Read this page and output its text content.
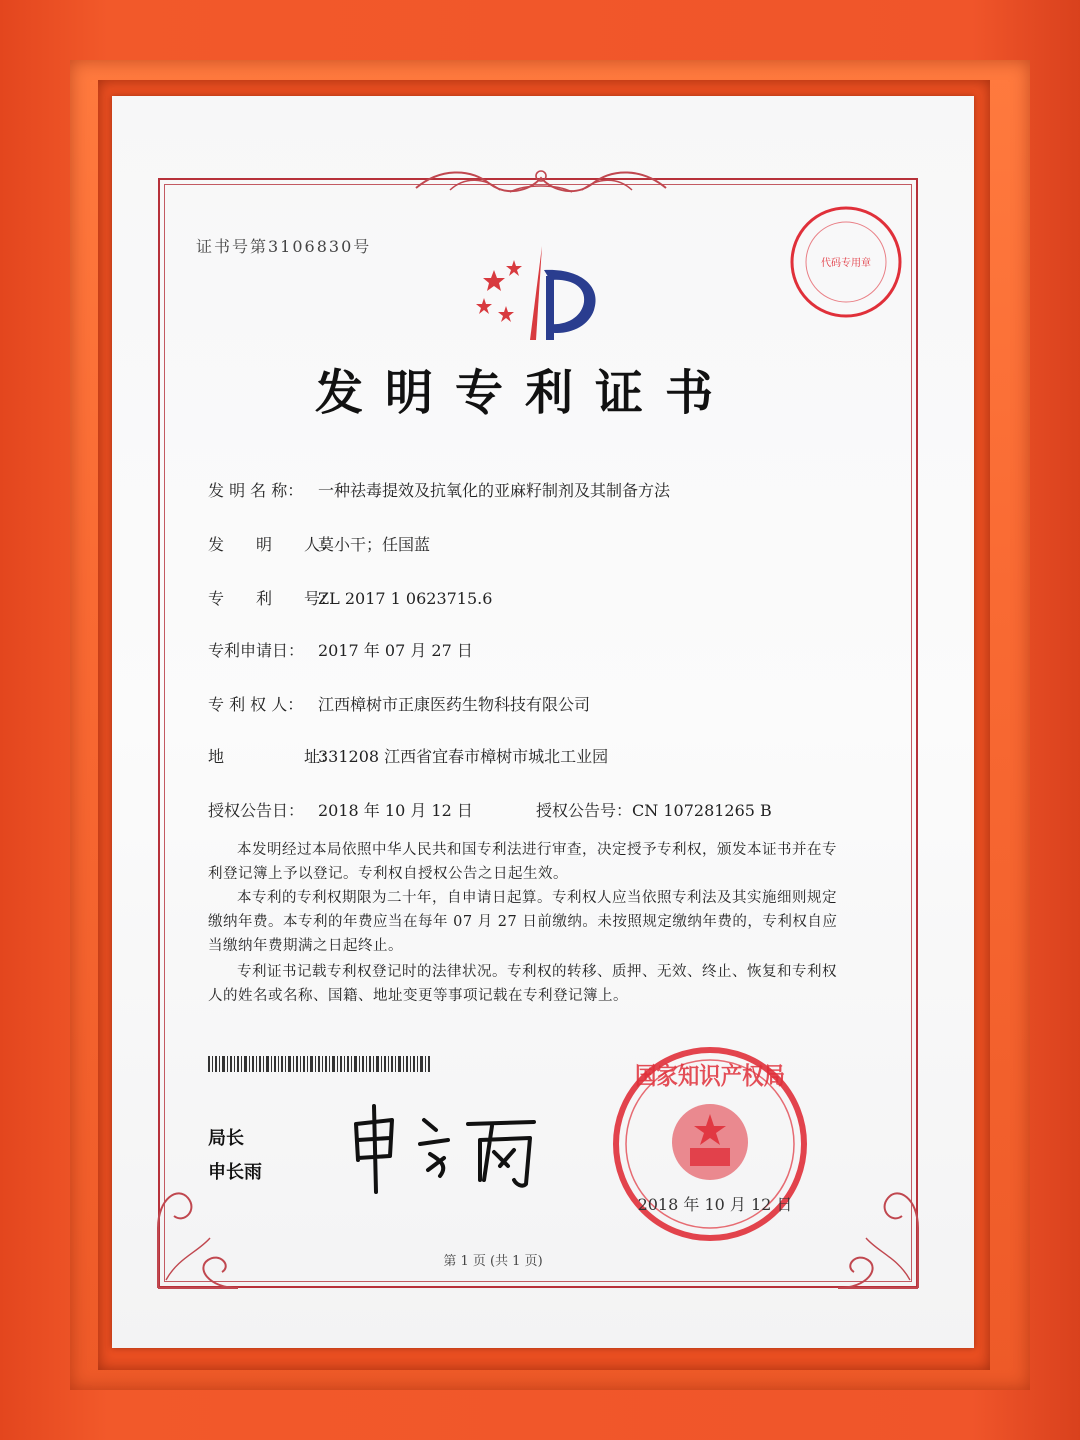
证书号第3106830号
代码专用章
发明专利证书
发 明 名 称： 一种祛毒提效及抗氧化的亚麻籽制剂及其制备方法
发　　明　　人：莫小干；任国蓝
专　　利　　号：ZL 2017 1 0623715.6
专利申请日： 2017 年 07 月 27 日
专 利 权 人： 江西樟树市正康医药生物科技有限公司
地　　　　　址：331208 江西省宜春市樟树市城北工业园
授权公告日： 2018 年 10 月 12 日	授权公告号：CN 107281265 B
本发明经过本局依照中华人民共和国专利法进行审查，决定授予专利权，颁发本证书并在专利登记簿上予以登记。专利权自授权公告之日起生效。
本专利的专利权期限为二十年，自申请日起算。专利权人应当依照专利法及其实施细则规定缴纳年费。本专利的年费应当在每年 07 月 27 日前缴纳。未按照规定缴纳年费的，专利权自应当缴纳年费期满之日起终止。
专利证书记载专利权登记时的法律状况。专利权的转移、质押、无效、终止、恢复和专利权人的姓名或名称、国籍、地址变更等事项记载在专利登记簿上。
局长
申长雨
国家知识产权局
2018 年 10 月 12 日
第 1 页 (共 1 页)
